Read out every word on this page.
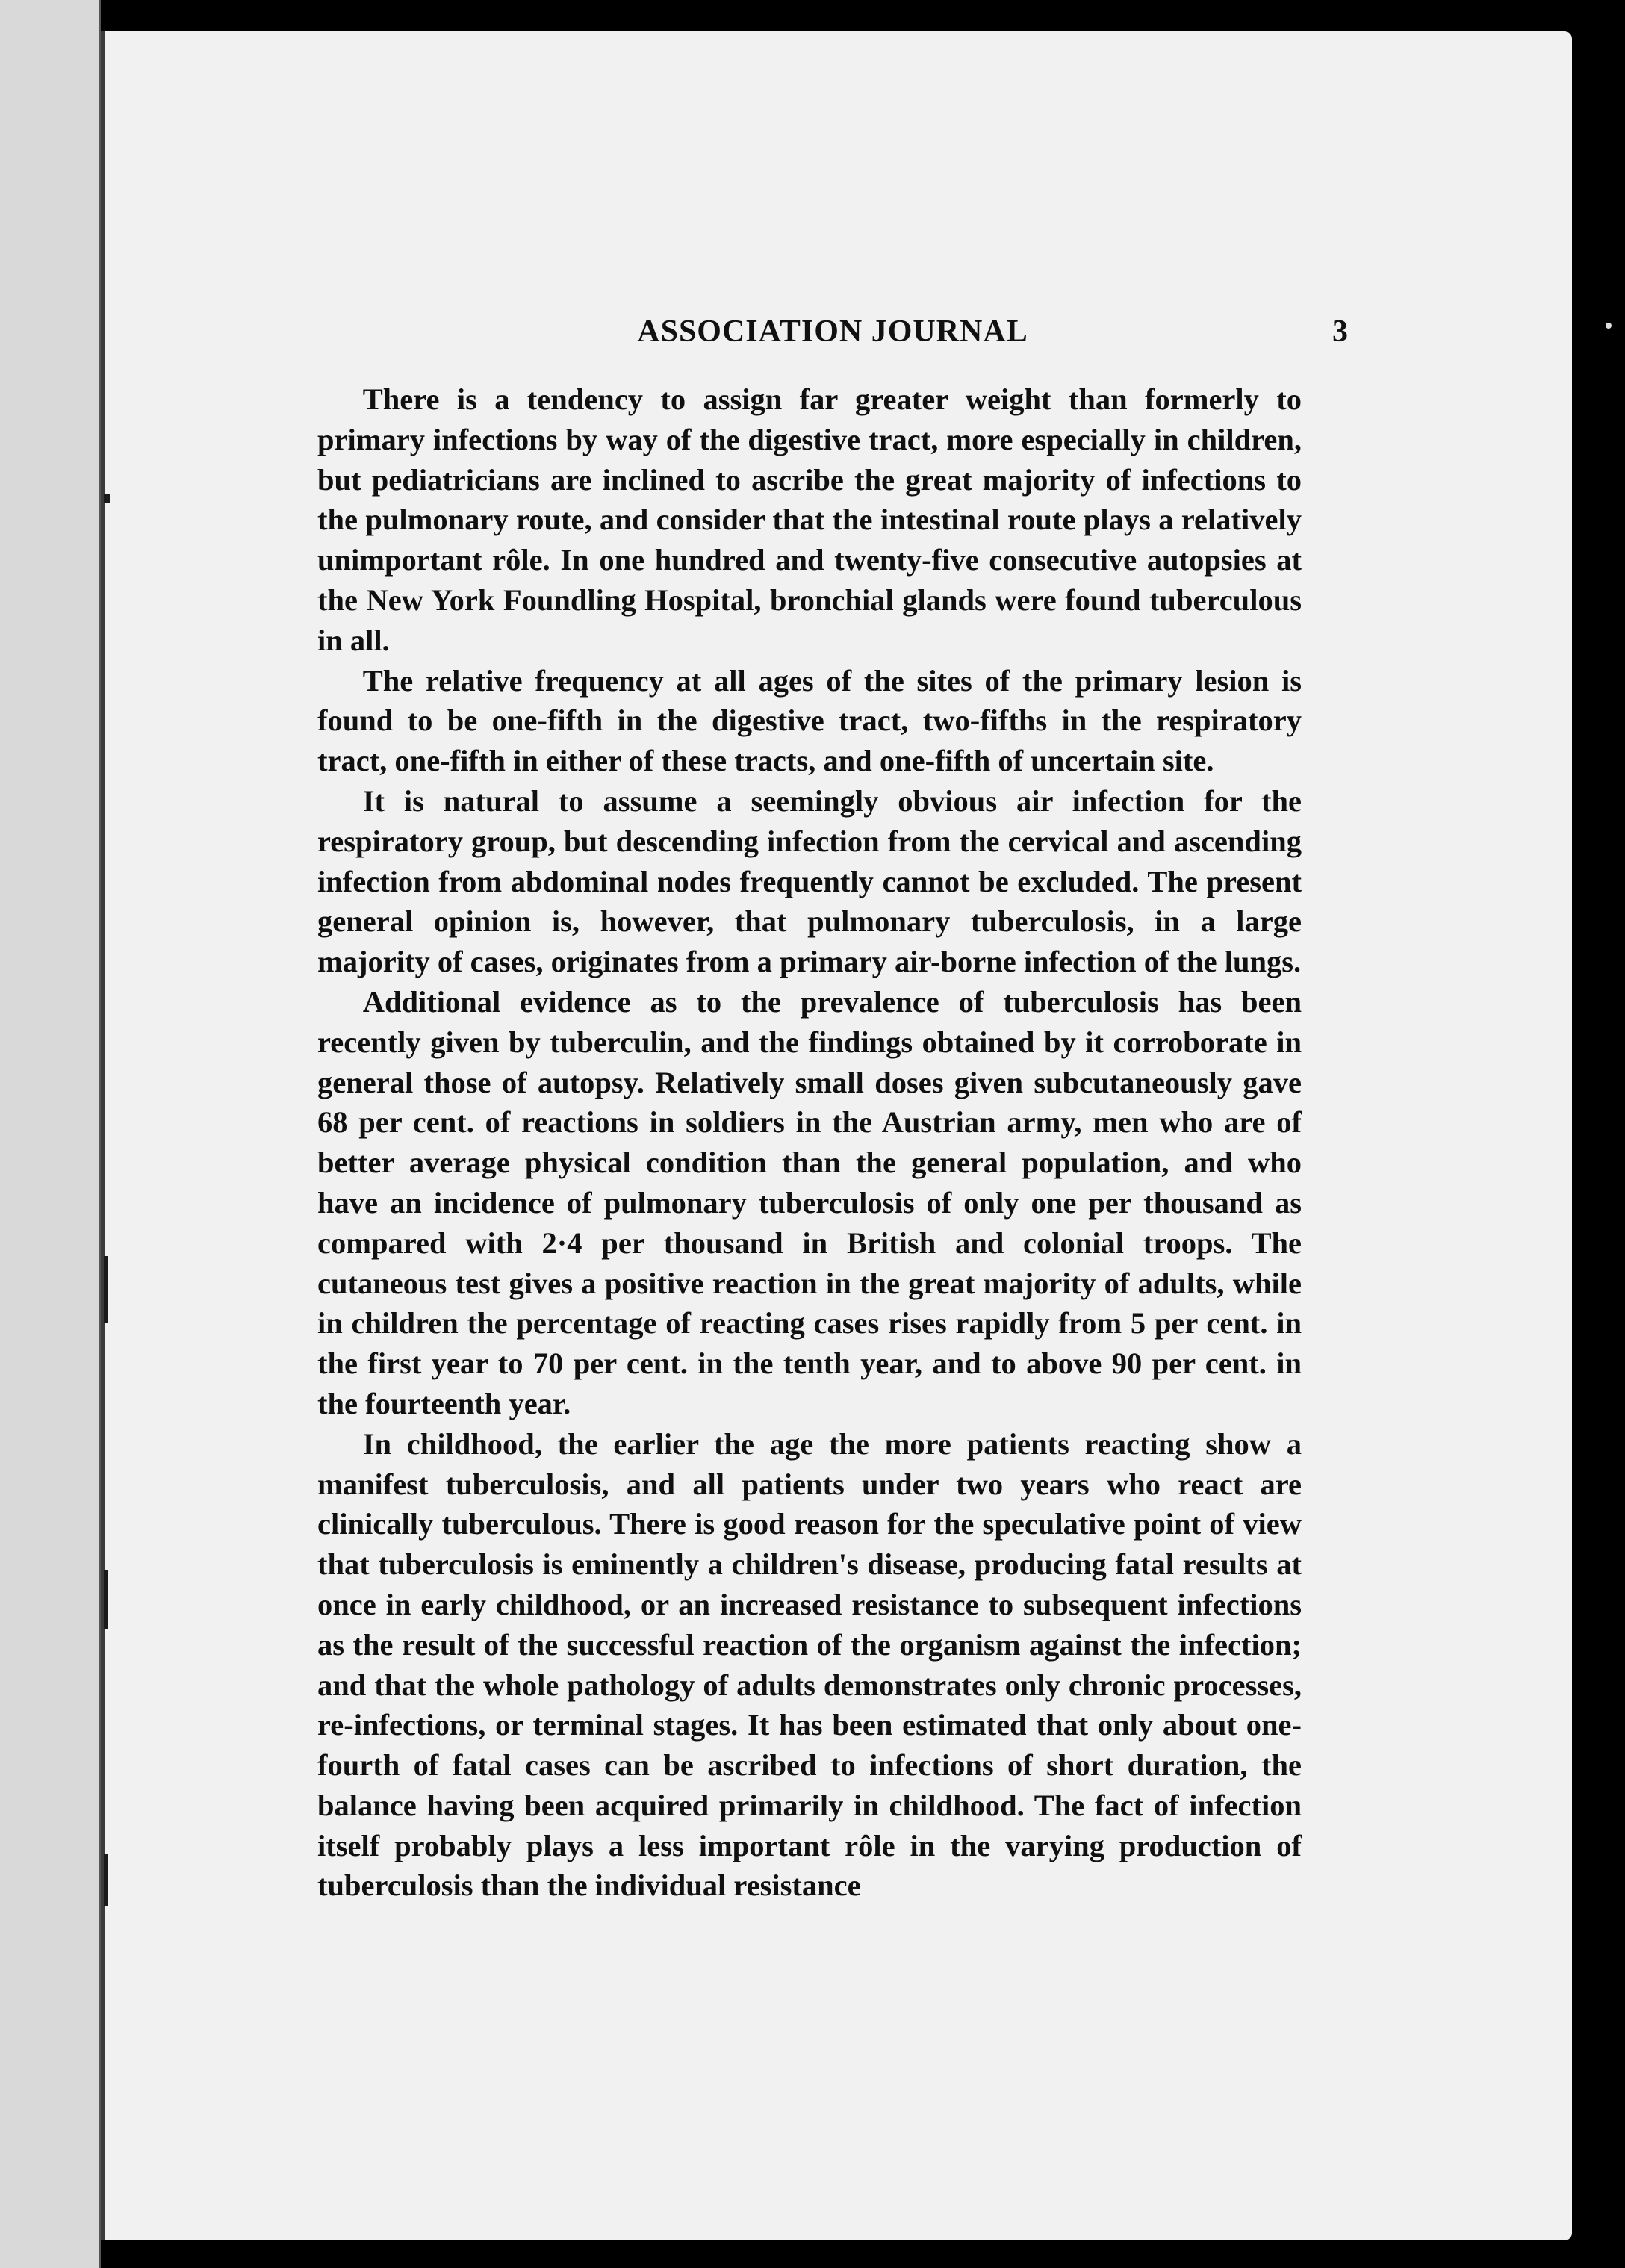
ASSOCIATION JOURNAL	3

There is a tendency to assign far greater weight than formerly to primary infections by way of the digestive tract, more especially in children, but pediatricians are inclined to ascribe the great majority of infections to the pulmonary route, and consider that the intestinal route plays a relatively unimportant rôle. In one hundred and twenty-five consecutive autopsies at the New York Foundling Hospital, bronchial glands were found tuberculous in all.

The relative frequency at all ages of the sites of the primary lesion is found to be one-fifth in the digestive tract, two-fifths in the respiratory tract, one-fifth in either of these tracts, and one-fifth of uncertain site.

It is natural to assume a seemingly obvious air infection for the respiratory group, but descending infection from the cervical and ascending infection from abdominal nodes frequently cannot be excluded. The present general opinion is, however, that pulmonary tuberculosis, in a large majority of cases, originates from a primary air-borne infection of the lungs.

Additional evidence as to the prevalence of tuberculosis has been recently given by tuberculin, and the findings obtained by it corroborate in general those of autopsy. Relatively small doses given subcutaneously gave 68 per cent. of reactions in soldiers in the Austrian army, men who are of better average physical condition than the general population, and who have an incidence of pulmonary tuberculosis of only one per thousand as compared with 2·4 per thousand in British and colonial troops. The cutaneous test gives a positive reaction in the great majority of adults, while in children the percentage of reacting cases rises rapidly from 5 per cent. in the first year to 70 per cent. in the tenth year, and to above 90 per cent. in the fourteenth year.

In childhood, the earlier the age the more patients reacting show a manifest tuberculosis, and all patients under two years who react are clinically tuberculous. There is good reason for the speculative point of view that tuberculosis is eminently a children's disease, producing fatal results at once in early childhood, or an increased resistance to subsequent infections as the result of the successful reaction of the organism against the infection; and that the whole pathology of adults demonstrates only chronic processes, re-infections, or terminal stages. It has been estimated that only about one-fourth of fatal cases can be ascribed to infections of short duration, the balance having been acquired primarily in childhood. The fact of infection itself probably plays a less important rôle in the varying production of tuberculosis than the individual resistance
